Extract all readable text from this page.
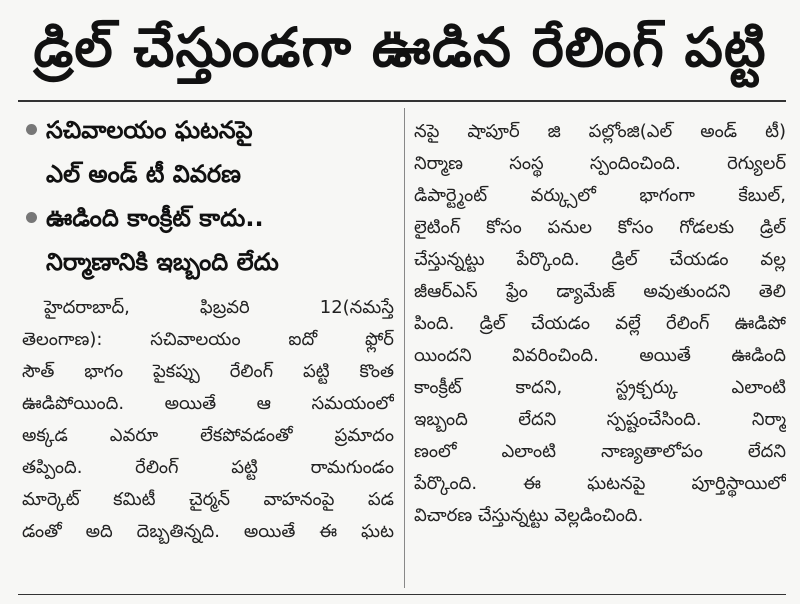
డ్రిల్ చేస్తుండగా ఊడిన రేలింగ్ పట్టి
సచివాలయం ఘటనపై
ఎల్ అండ్ టీ వివరణ
ఊడింది కాంక్రీట్ కాదు..
నిర్మాణానికి ఇబ్బంది లేదు
హైదరాబాద్, ఫిబ్రవరి 12(నమస్తే
తెలంగాణ): సచివాలయం ఐదో ఫ్లోర్
సౌత్ భాగం పైకప్పు రేలింగ్ పట్టి కొంత
ఊడిపోయింది. అయితే ఆ సమయంలో
అక్కడ ఎవరూ లేకపోవడంతో ప్రమాదం
తప్పింది. రేలింగ్ పట్టి రామగుండం
మార్కెట్ కమిటీ చైర్మన్ వాహనంపై పడ
డంతో అది దెబ్బతిన్నది. అయితే ఈ ఘట
నపై షాపూర్ జి పల్లోంజి(ఎల్ అండ్ టీ)
నిర్మాణ సంస్థ స్పందించింది. రెగ్యులర్
డిపార్ట్మెంట్ వర్క్సులో భాగంగా కేబుల్,
లైటింగ్ కోసం పనుల కోసం గోడలకు డ్రిల్
చేస్తున్నట్టు పేర్కొంది. డ్రిల్ చేయడం వల్ల
జీఆర్ఎస్ ఫ్రేం డ్యామేజ్ అవుతుందని తెలి
పింది. డ్రిల్ చేయడం వల్లే రేలింగ్ ఊడిపో
యిందని వివరించింది. అయితే ఊడింది
కాంక్రీట్ కాదని, స్ట్రక్చర్కు ఎలాంటి
ఇబ్బంది లేదని స్పష్టంచేసింది. నిర్మా
ణంలో ఎలాంటి నాణ్యతాలోపం లేదని
పేర్కొంది. ఈ ఘటనపై పూర్తిస్థాయిలో
విచారణ చేస్తున్నట్టు వెల్లడించింది.
